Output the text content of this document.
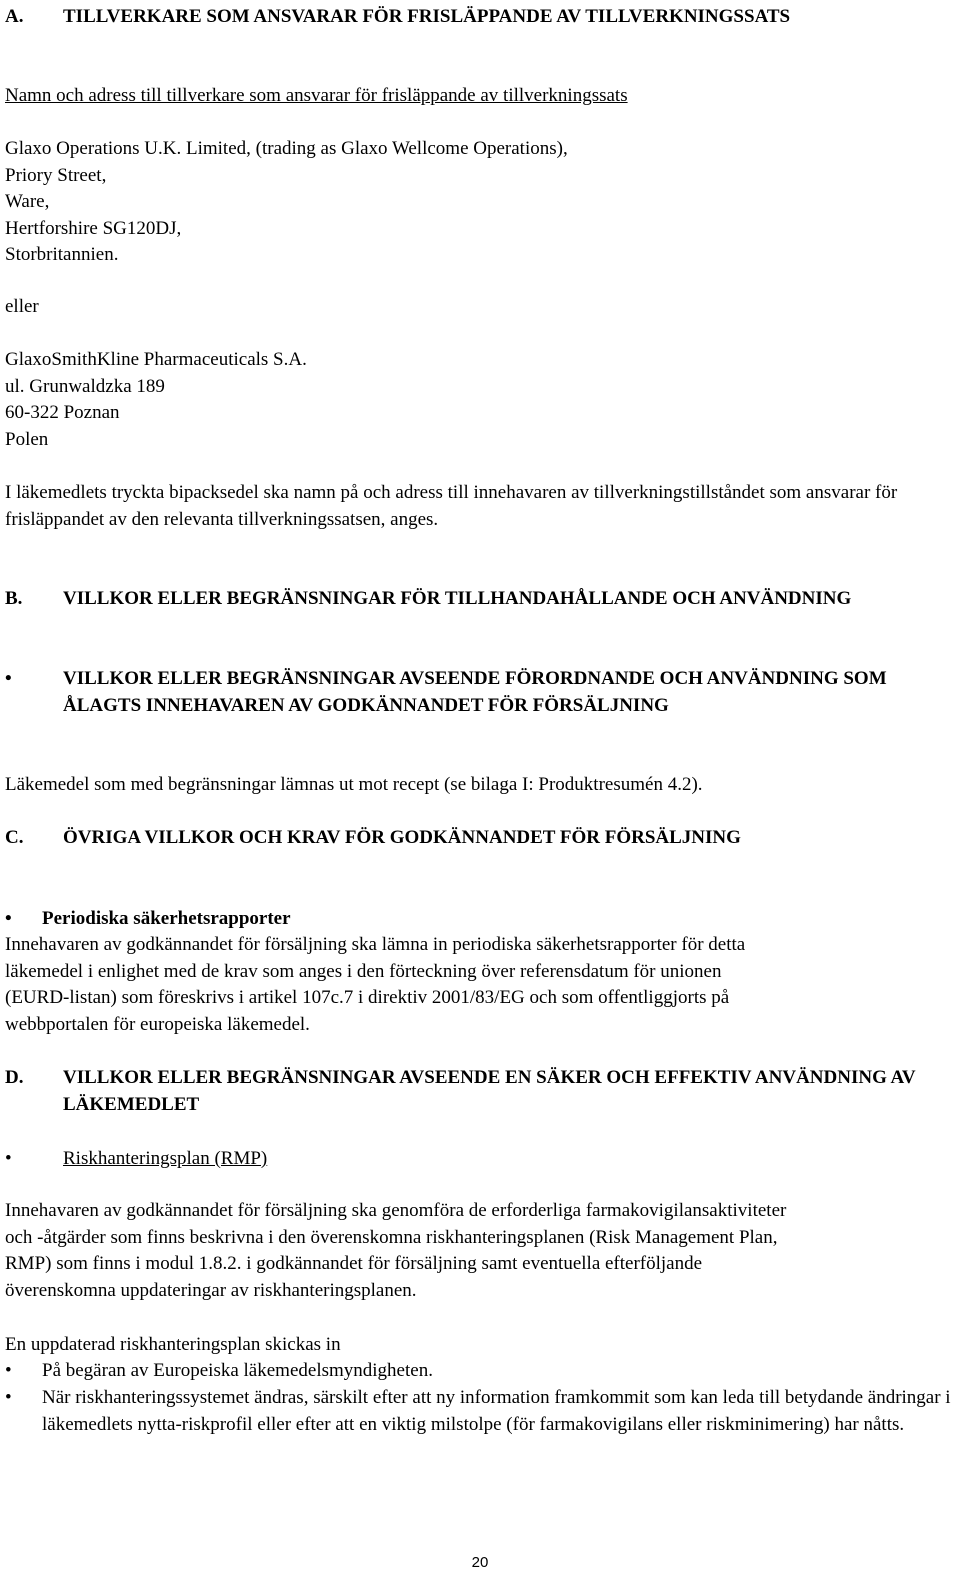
A. TILLVERKARE SOM ANSVARAR FÖR FRISLÄPPANDE AV TILLVERKNINGSSATS
Namn och adress till tillverkare som ansvarar för frisläppande av tillverkningssats
Glaxo Operations U.K. Limited, (trading as Glaxo Wellcome Operations),
Priory Street,
Ware,
Hertforshire SG120DJ,
Storbritannien.
eller
GlaxoSmithKline Pharmaceuticals S.A.
ul. Grunwaldzka 189
60-322 Poznan
Polen
I läkemedlets tryckta bipacksedel ska namn på och adress till innehavaren av tillverkningstillståndet som ansvarar för frisläppandet av den relevanta tillverkningssatsen, anges.
B. VILLKOR ELLER BEGRÄNSNINGAR FÖR TILLHANDAHÅLLANDE OCH ANVÄNDNING
•	VILLKOR ELLER BEGRÄNSNINGAR AVSEENDE FÖRORDNANDE OCH ANVÄNDNING SOM ÅLAGTS INNEHAVAREN AV GODKÄNNANDET FÖR FÖRSÄLJNING
Läkemedel som med begränsningar lämnas ut mot recept (se bilaga I: Produktresumén 4.2).
C. ÖVRIGA VILLKOR OCH KRAV FÖR GODKÄNNANDET FÖR FÖRSÄLJNING
• Periodiska säkerhetsrapporter
Innehavaren av godkännandet för försäljning ska lämna in periodiska säkerhetsrapporter för detta
läkemedel i enlighet med de krav som anges i den förteckning över referensdatum för unionen
(EURD-listan) som föreskrivs i artikel 107c.7 i direktiv 2001/83/EG och som offentliggjorts på
webbportalen för europeiska läkemedel.
D. VILLKOR ELLER BEGRÄNSNINGAR AVSEENDE EN SÄKER OCH EFFEKTIV ANVÄNDNING AV LÄKEMEDLET
•	Riskhanteringsplan (RMP)
Innehavaren av godkännandet för försäljning ska genomföra de erforderliga farmakovigilansaktiviteter
och -åtgärder som finns beskrivna i den överenskomna riskhanteringsplanen (Risk Management Plan,
RMP) som finns i modul 1.8.2. i godkännandet för försäljning samt eventuella efterföljande
överenskomna uppdateringar av riskhanteringsplanen.
En uppdaterad riskhanteringsplan skickas in
• På begäran av Europeiska läkemedelsmyndigheten.
• När riskhanteringssystemet ändras, särskilt efter att ny information framkommit som kan leda till betydande ändringar i läkemedlets nytta-riskprofil eller efter att en viktig milstolpe (för farmakovigilans eller riskminimering) har nåtts.
20
